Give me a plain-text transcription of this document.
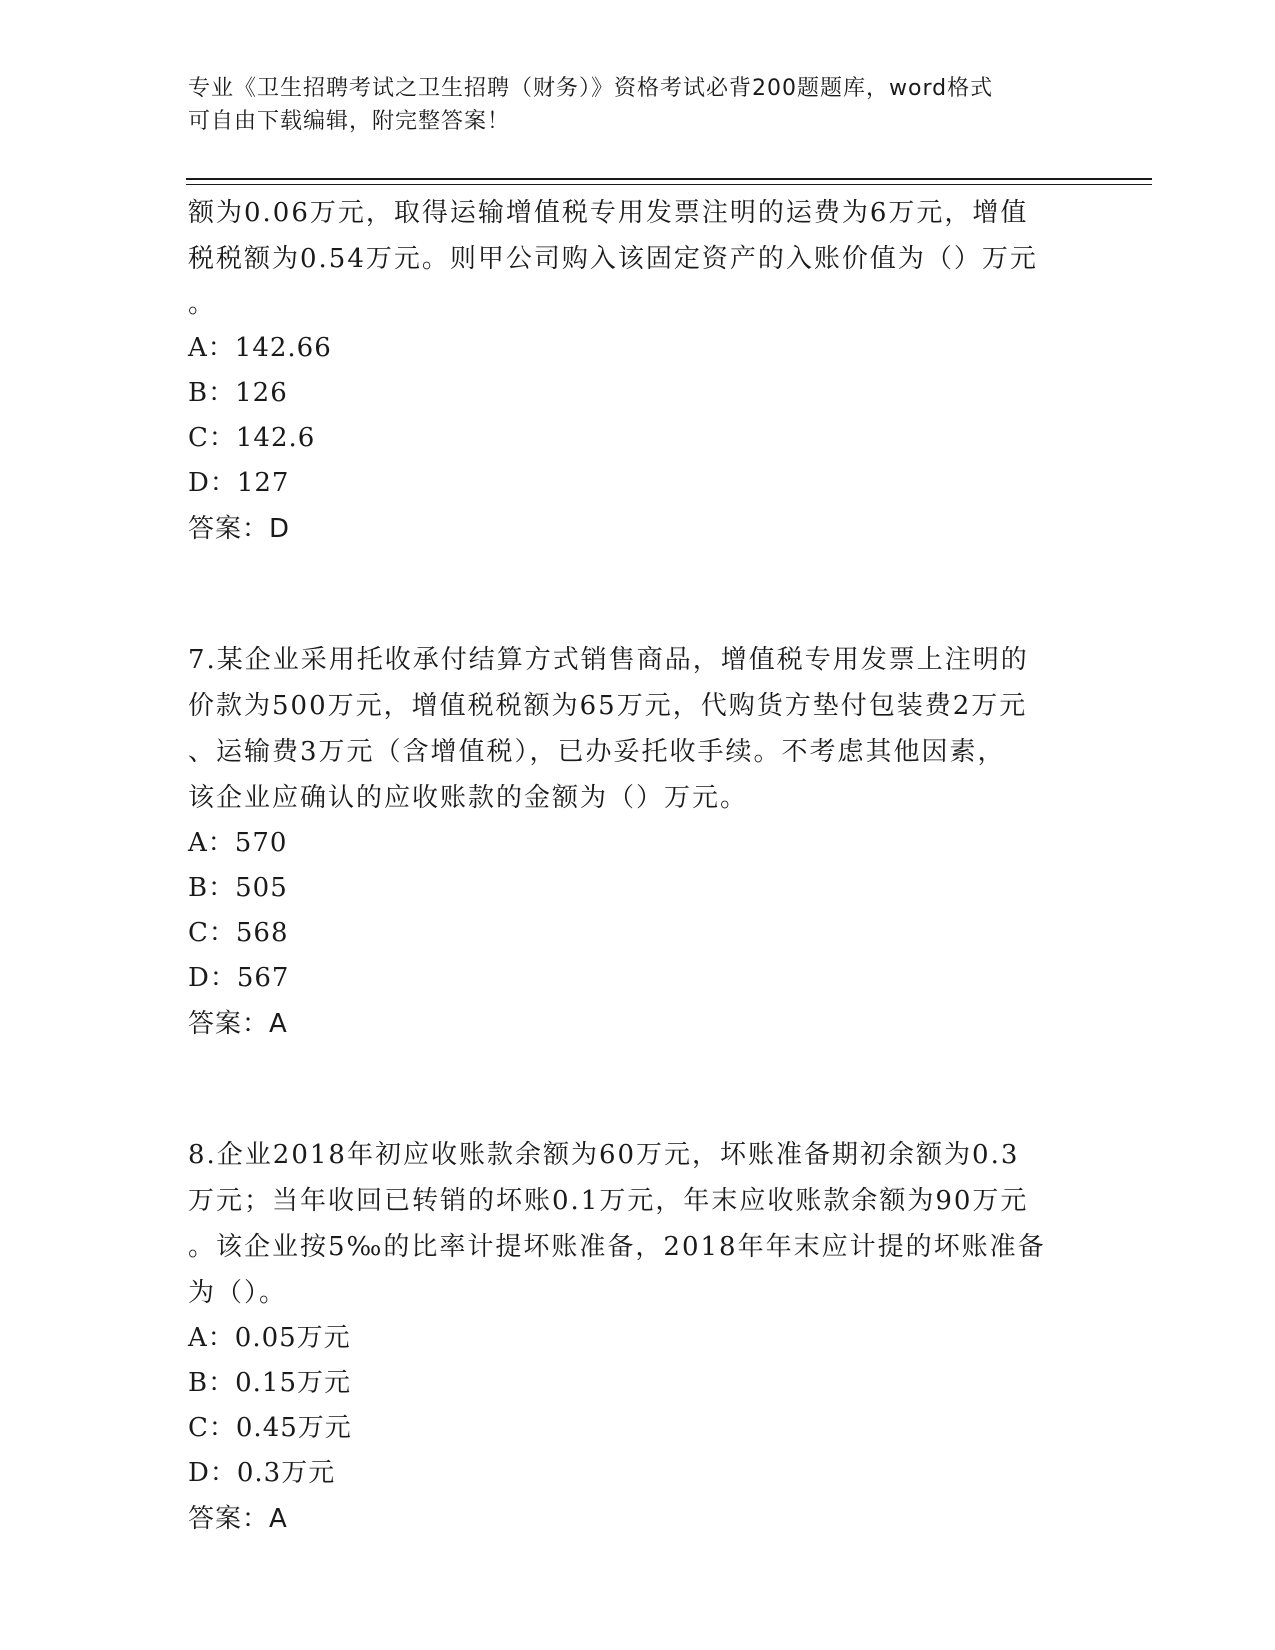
专业《卫生招聘考试之卫生招聘（财务）》资格考试必背200题题库，word格式
可自由下载编辑，附完整答案！
额为0.06万元，取得运输增值税专用发票注明的运费为6万元，增值
税税额为0.54万元。则甲公司购入该固定资产的入账价值为（）万元
。
A：142.66
B：126
C：142.6
D：127
答案：D
7.某企业采用托收承付结算方式销售商品，增值税专用发票上注明的
价款为500万元，增值税税额为65万元，代购货方垫付包装费2万元
、运输费3万元（含增值税），已办妥托收手续。不考虑其他因素，
该企业应确认的应收账款的金额为（）万元。
A：570
B：505
C：568
D：567
答案：A
8.企业2018年初应收账款余额为60万元，坏账准备期初余额为0.3
万元；当年收回已转销的坏账0.1万元，年末应收账款余额为90万元
。该企业按5‰的比率计提坏账准备，2018年年末应计提的坏账准备
为（）。
A：0.05万元
B：0.15万元
C：0.45万元
D：0.3万元
答案：A
